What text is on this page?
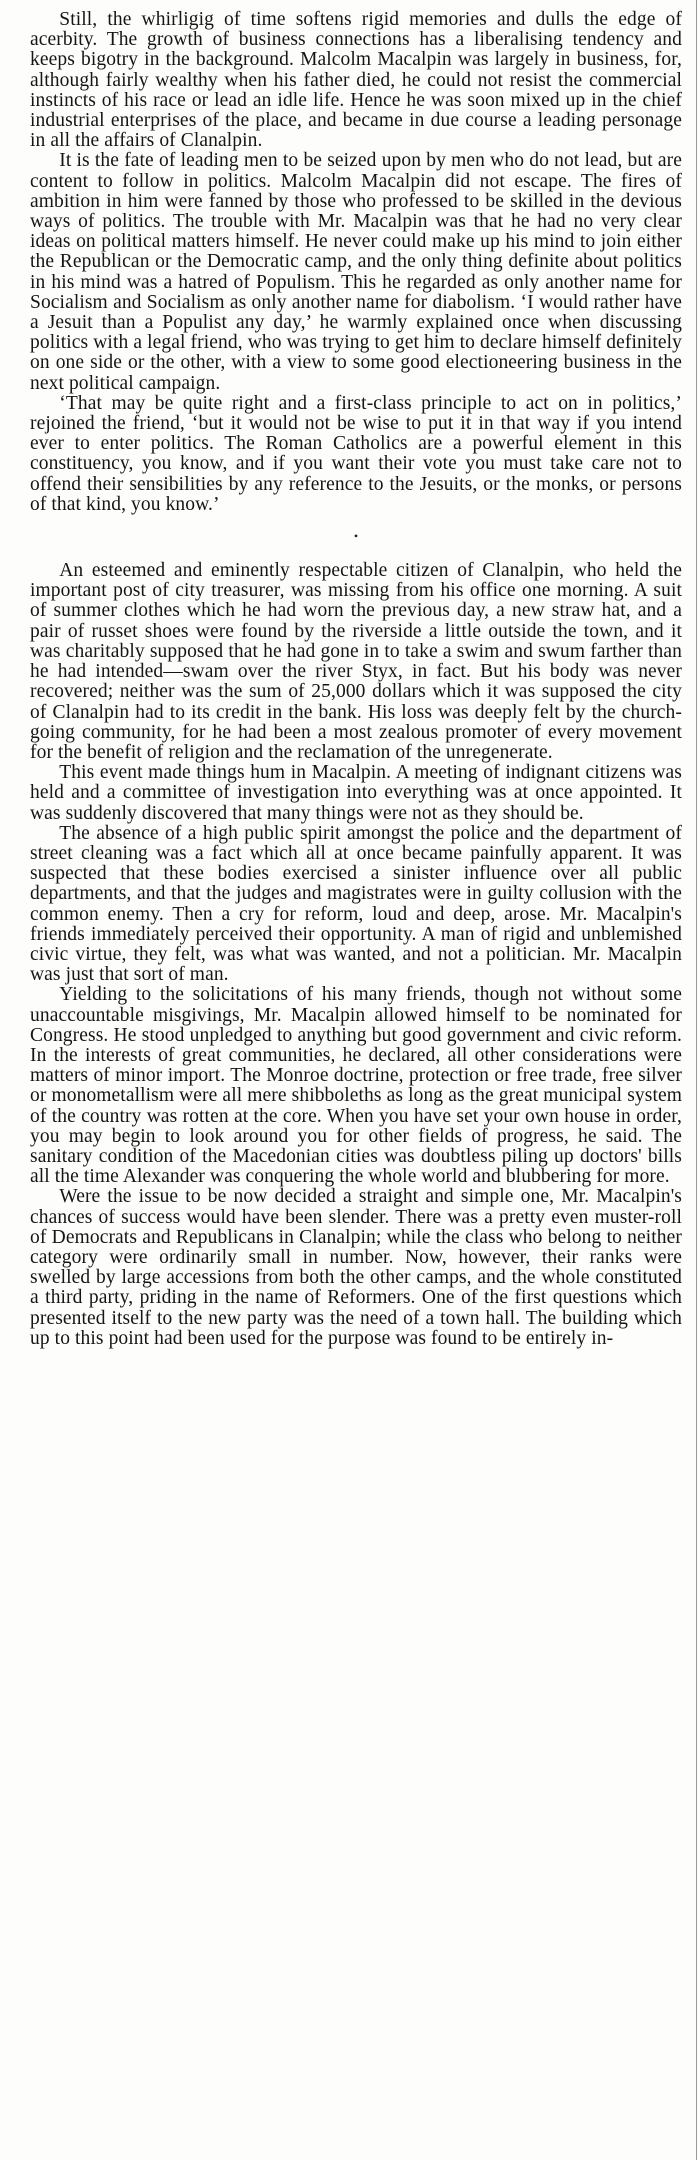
Still, the whirligig of time softens rigid memories and dulls the edge of acerbity. The growth of business connections has a liberalising tendency and keeps bigotry in the background. Malcolm Macalpin was largely in business, for, although fairly wealthy when his father died, he could not resist the commercial instincts of his race or lead an idle life. Hence he was soon mixed up in the chief industrial enterprises of the place, and became in due course a leading personage in all the affairs of Clanalpin.

It is the fate of leading men to be seized upon by men who do not lead, but are content to follow in politics. Malcolm Macalpin did not escape. The fires of ambition in him were fanned by those who professed to be skilled in the devious ways of politics. The trouble with Mr. Macalpin was that he had no very clear ideas on political matters himself. He never could make up his mind to join either the Republican or the Democratic camp, and the only thing definite about politics in his mind was a hatred of Populism. This he regarded as only another name for Socialism and Socialism as only another name for diabolism. ‘I would rather have a Jesuit than a Populist any day,’ he warmly explained once when discussing politics with a legal friend, who was trying to get him to declare himself definitely on one side or the other, with a view to some good electioneering business in the next political campaign.

‘That may be quite right and a first-class principle to act on in politics,’ rejoined the friend, ‘but it would not be wise to put it in that way if you intend ever to enter politics. The Roman Catholics are a powerful element in this constituency, you know, and if you want their vote you must take care not to offend their sensibilities by any reference to the Jesuits, or the monks, or persons of that kind, you know.’

•

An esteemed and eminently respectable citizen of Clanalpin, who held the important post of city treasurer, was missing from his office one morning. A suit of summer clothes which he had worn the previous day, a new straw hat, and a pair of russet shoes were found by the riverside a little outside the town, and it was charitably supposed that he had gone in to take a swim and swum farther than he had intended—swam over the river Styx, in fact. But his body was never recovered; neither was the sum of 25,000 dollars which it was supposed the city of Clanalpin had to its credit in the bank. His loss was deeply felt by the church-going community, for he had been a most zealous promoter of every movement for the benefit of religion and the reclamation of the unregenerate.

This event made things hum in Macalpin. A meeting of indignant citizens was held and a committee of investigation into everything was at once appointed. It was suddenly discovered that many things were not as they should be.

The absence of a high public spirit amongst the police and the department of street cleaning was a fact which all at once became painfully apparent. It was suspected that these bodies exercised a sinister influence over all public departments, and that the judges and magistrates were in guilty collusion with the common enemy. Then a cry for reform, loud and deep, arose. Mr. Macalpin's friends immediately perceived their opportunity. A man of rigid and unblemished civic virtue, they felt, was what was wanted, and not a politician. Mr. Macalpin was just that sort of man.

Yielding to the solicitations of his many friends, though not without some unaccountable misgivings, Mr. Macalpin allowed himself to be nominated for Congress. He stood unpledged to anything but good government and civic reform. In the interests of great communities, he declared, all other considerations were matters of minor import. The Monroe doctrine, protection or free trade, free silver or monometallism were all mere shibboleths as long as the great municipal system of the country was rotten at the core. When you have set your own house in order, you may begin to look around you for other fields of progress, he said. The sanitary condition of the Macedonian cities was doubtless piling up doctors' bills all the time Alexander was conquering the whole world and blubbering for more.

Were the issue to be now decided a straight and simple one, Mr. Macalpin's chances of success would have been slender. There was a pretty even muster-roll of Democrats and Republicans in Clanalpin; while the class who belong to neither category were ordinarily small in number. Now, however, their ranks were swelled by large accessions from both the other camps, and the whole constituted a third party, priding in the name of Reformers. One of the first questions which presented itself to the new party was the need of a town hall. The building which up to this point had been used for the purpose was found to be entirely in-
